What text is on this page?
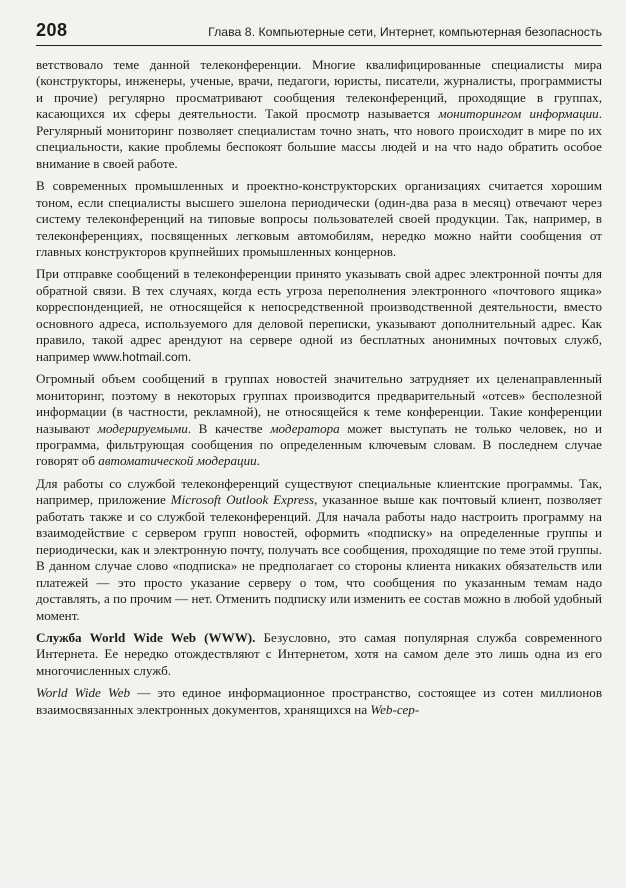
208	Глава 8. Компьютерные сети, Интернет, компьютерная безопасность

ветствовало теме данной телеконференции. Многие квалифицированные специалисты мира (конструкторы, инженеры, ученые, врачи, педагоги, юристы, писатели, журналисты, программисты и прочие) регулярно просматривают сообщения телеконференций, проходящие в группах, касающихся их сферы деятельности. Такой просмотр называется мониторингом информации. Регулярный мониторинг позволяет специалистам точно знать, что нового происходит в мире по их специальности, какие проблемы беспокоят большие массы людей и на что надо обратить особое внимание в своей работе.

В современных промышленных и проектно-конструкторских организациях считается хорошим тоном, если специалисты высшего эшелона периодически (один-два раза в месяц) отвечают через систему телеконференций на типовые вопросы пользователей своей продукции. Так, например, в телеконференциях, посвященных легковым автомобилям, нередко можно найти сообщения от главных конструкторов крупнейших промышленных концернов.

При отправке сообщений в телеконференции принято указывать свой адрес электронной почты для обратной связи. В тех случаях, когда есть угроза переполнения электронного «почтового ящика» корреспонденцией, не относящейся к непосредственной производственной деятельности, вместо основного адреса, используемого для деловой переписки, указывают дополнительный адрес. Как правило, такой адрес арендуют на сервере одной из бесплатных анонимных почтовых служб, например www.hotmail.com.

Огромный объем сообщений в группах новостей значительно затрудняет их целенаправленный мониторинг, поэтому в некоторых группах производится предварительный «отсев» бесполезной информации (в частности, рекламной), не относящейся к теме конференции. Такие конференции называют модерируемыми. В качестве модератора может выступать не только человек, но и программа, фильтрующая сообщения по определенным ключевым словам. В последнем случае говорят об автоматической модерации.

Для работы со службой телеконференций существуют специальные клиентские программы. Так, например, приложение Microsoft Outlook Express, указанное выше как почтовый клиент, позволяет работать также и со службой телеконференций. Для начала работы надо настроить программу на взаимодействие с сервером групп новостей, оформить «подписку» на определенные группы и периодически, как и электронную почту, получать все сообщения, проходящие по теме этой группы. В данном случае слово «подписка» не предполагает со стороны клиента никаких обязательств или платежей — это просто указание серверу о том, что сообщения по указанным темам надо доставлять, а по прочим — нет. Отменить подписку или изменить ее состав можно в любой удобный момент.

Служба World Wide Web (WWW). Безусловно, это самая популярная служба современного Интернета. Ее нередко отождествляют с Интернетом, хотя на самом деле это лишь одна из его многочисленных служб.

World Wide Web — это единое информационное пространство, состоящее из сотен миллионов взаимосвязанных электронных документов, хранящихся на Web-сер-
